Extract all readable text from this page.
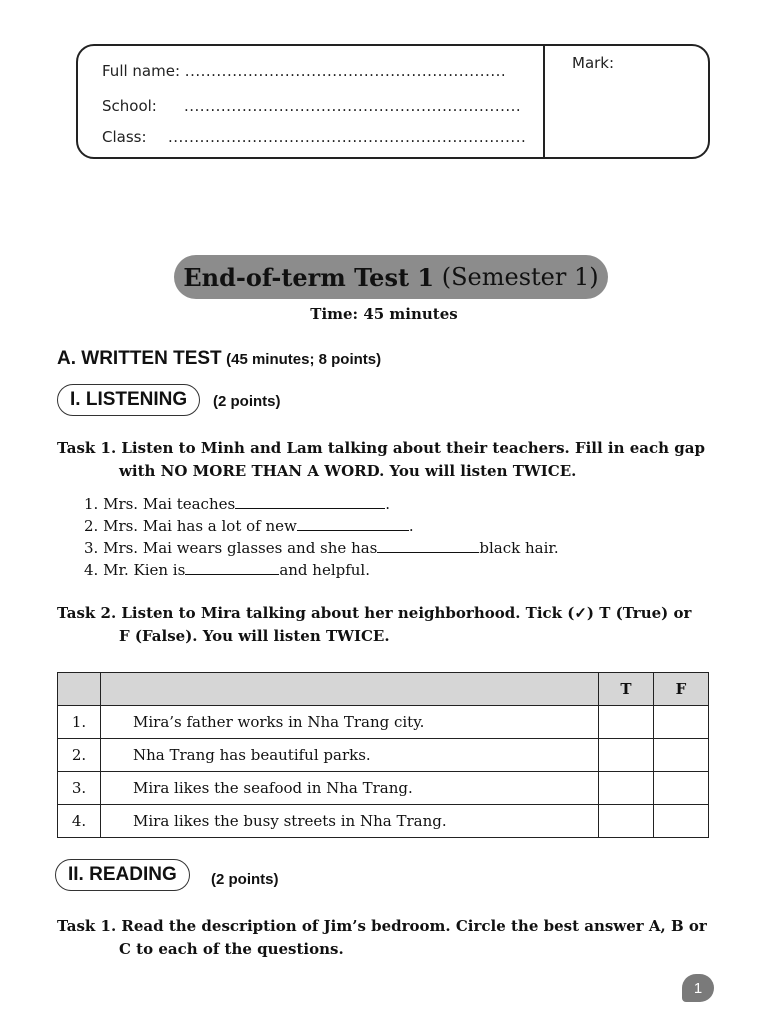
Full name: .............................................................
School: ................................................................
Class: ....................................................................
Mark:
End-of-term Test 1
(Semester 1)
Time: 45 minutes
A. WRITTEN TEST (45 minutes; 8 points)
I. LISTENING	(2 points)
Task 1. Listen to Minh and Lam talking about their teachers. Fill in each gap
with NO MORE THAN A WORD. You will listen TWICE.
1. Mrs. Mai teaches	.
2. Mrs. Mai has a lot of new	.
3. Mrs. Mai wears glasses and she has	black hair.
4. Mr. Kien is	and helpful.
Task 2. Listen to Mira talking about her neighborhood. Tick (✓) T (True) or
F (False). You will listen TWICE.
		T	F
1.	Mira’s father works in Nha Trang city.		
2.	Nha Trang has beautiful parks.		
3.	Mira likes the seafood in Nha Trang.		
4.	Mira likes the busy streets in Nha Trang.		
II. READING	(2 points)
Task 1. Read the description of Jim’s bedroom. Circle the best answer A, B or
C to each of the questions.
1
